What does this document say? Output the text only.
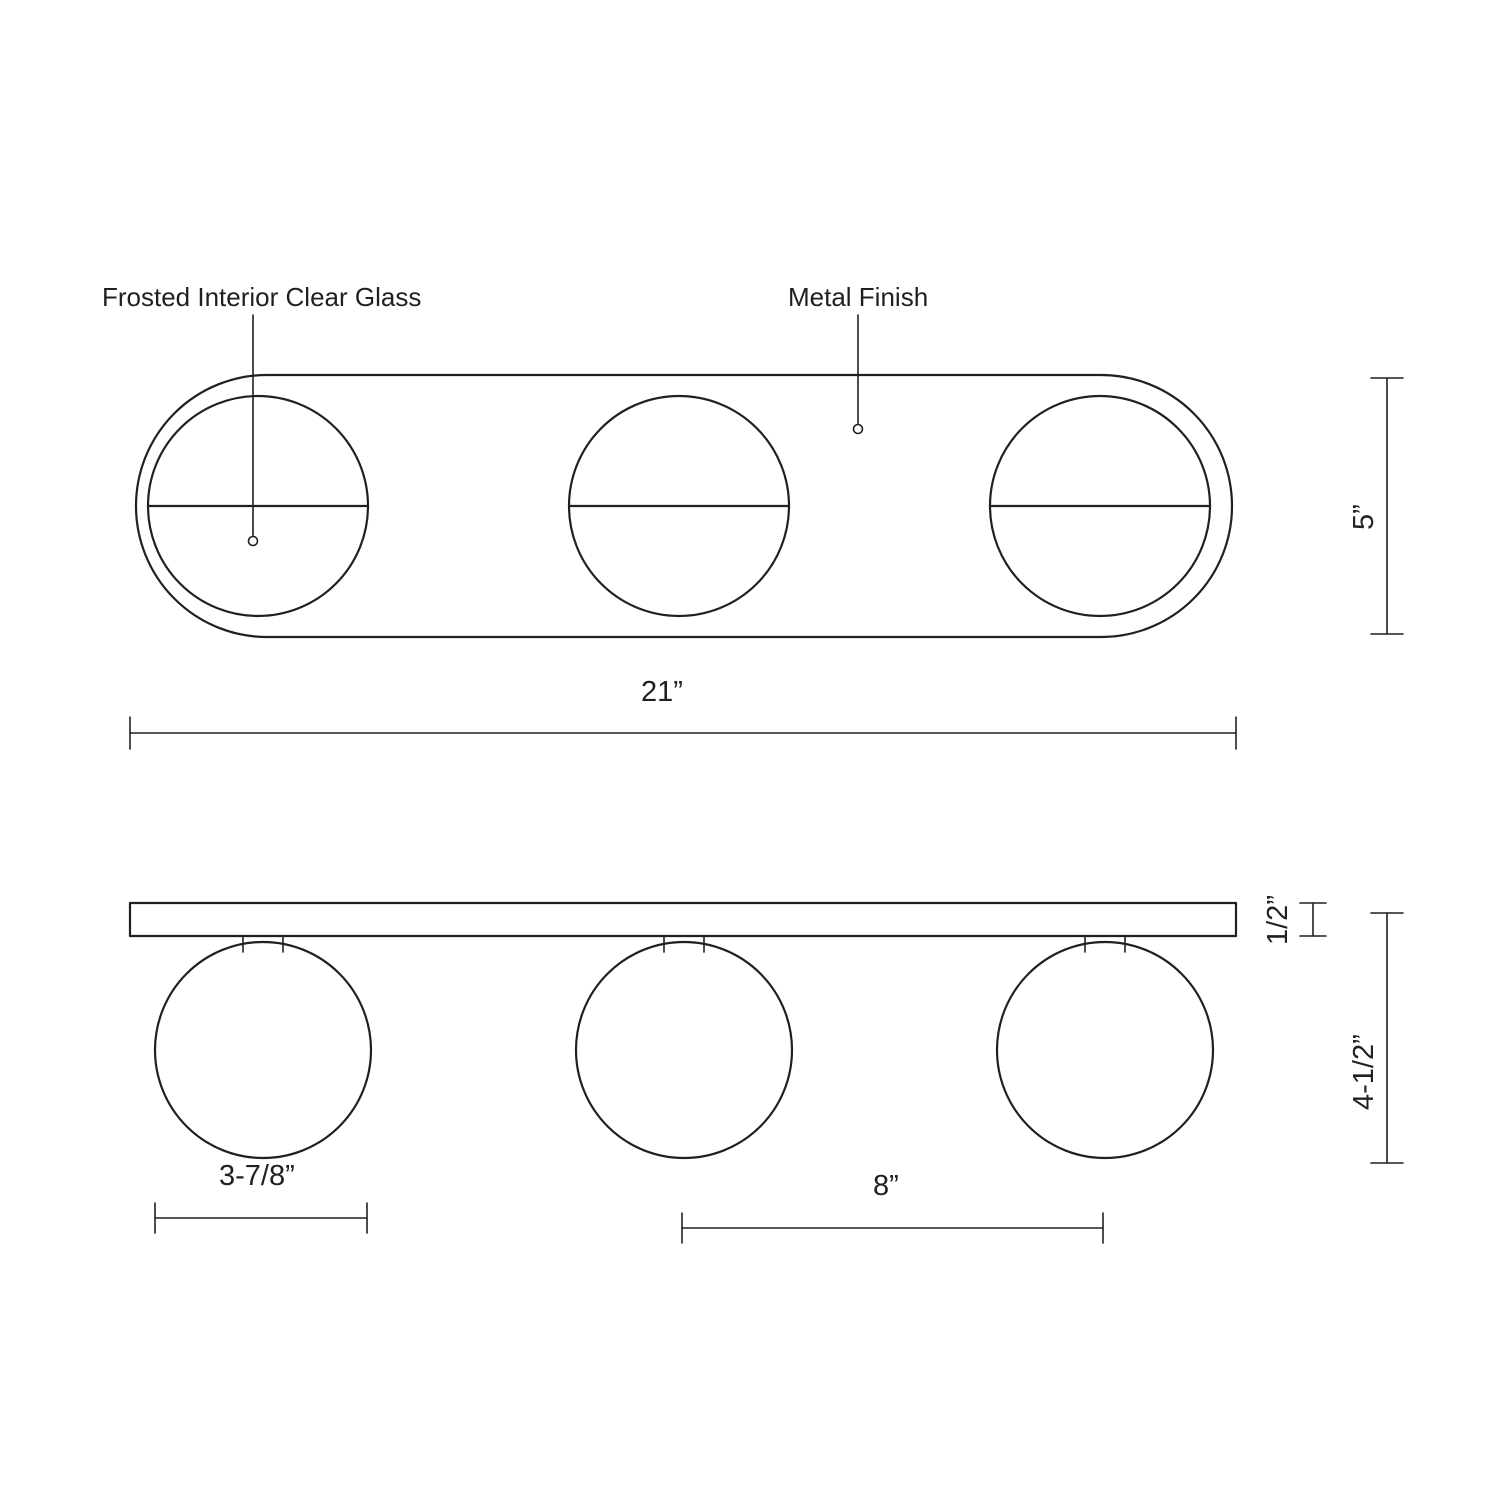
Frosted Interior Clear Glass	Metal Finish
21”
5”
1/2”
4-1/2”
3-7/8”	8”
